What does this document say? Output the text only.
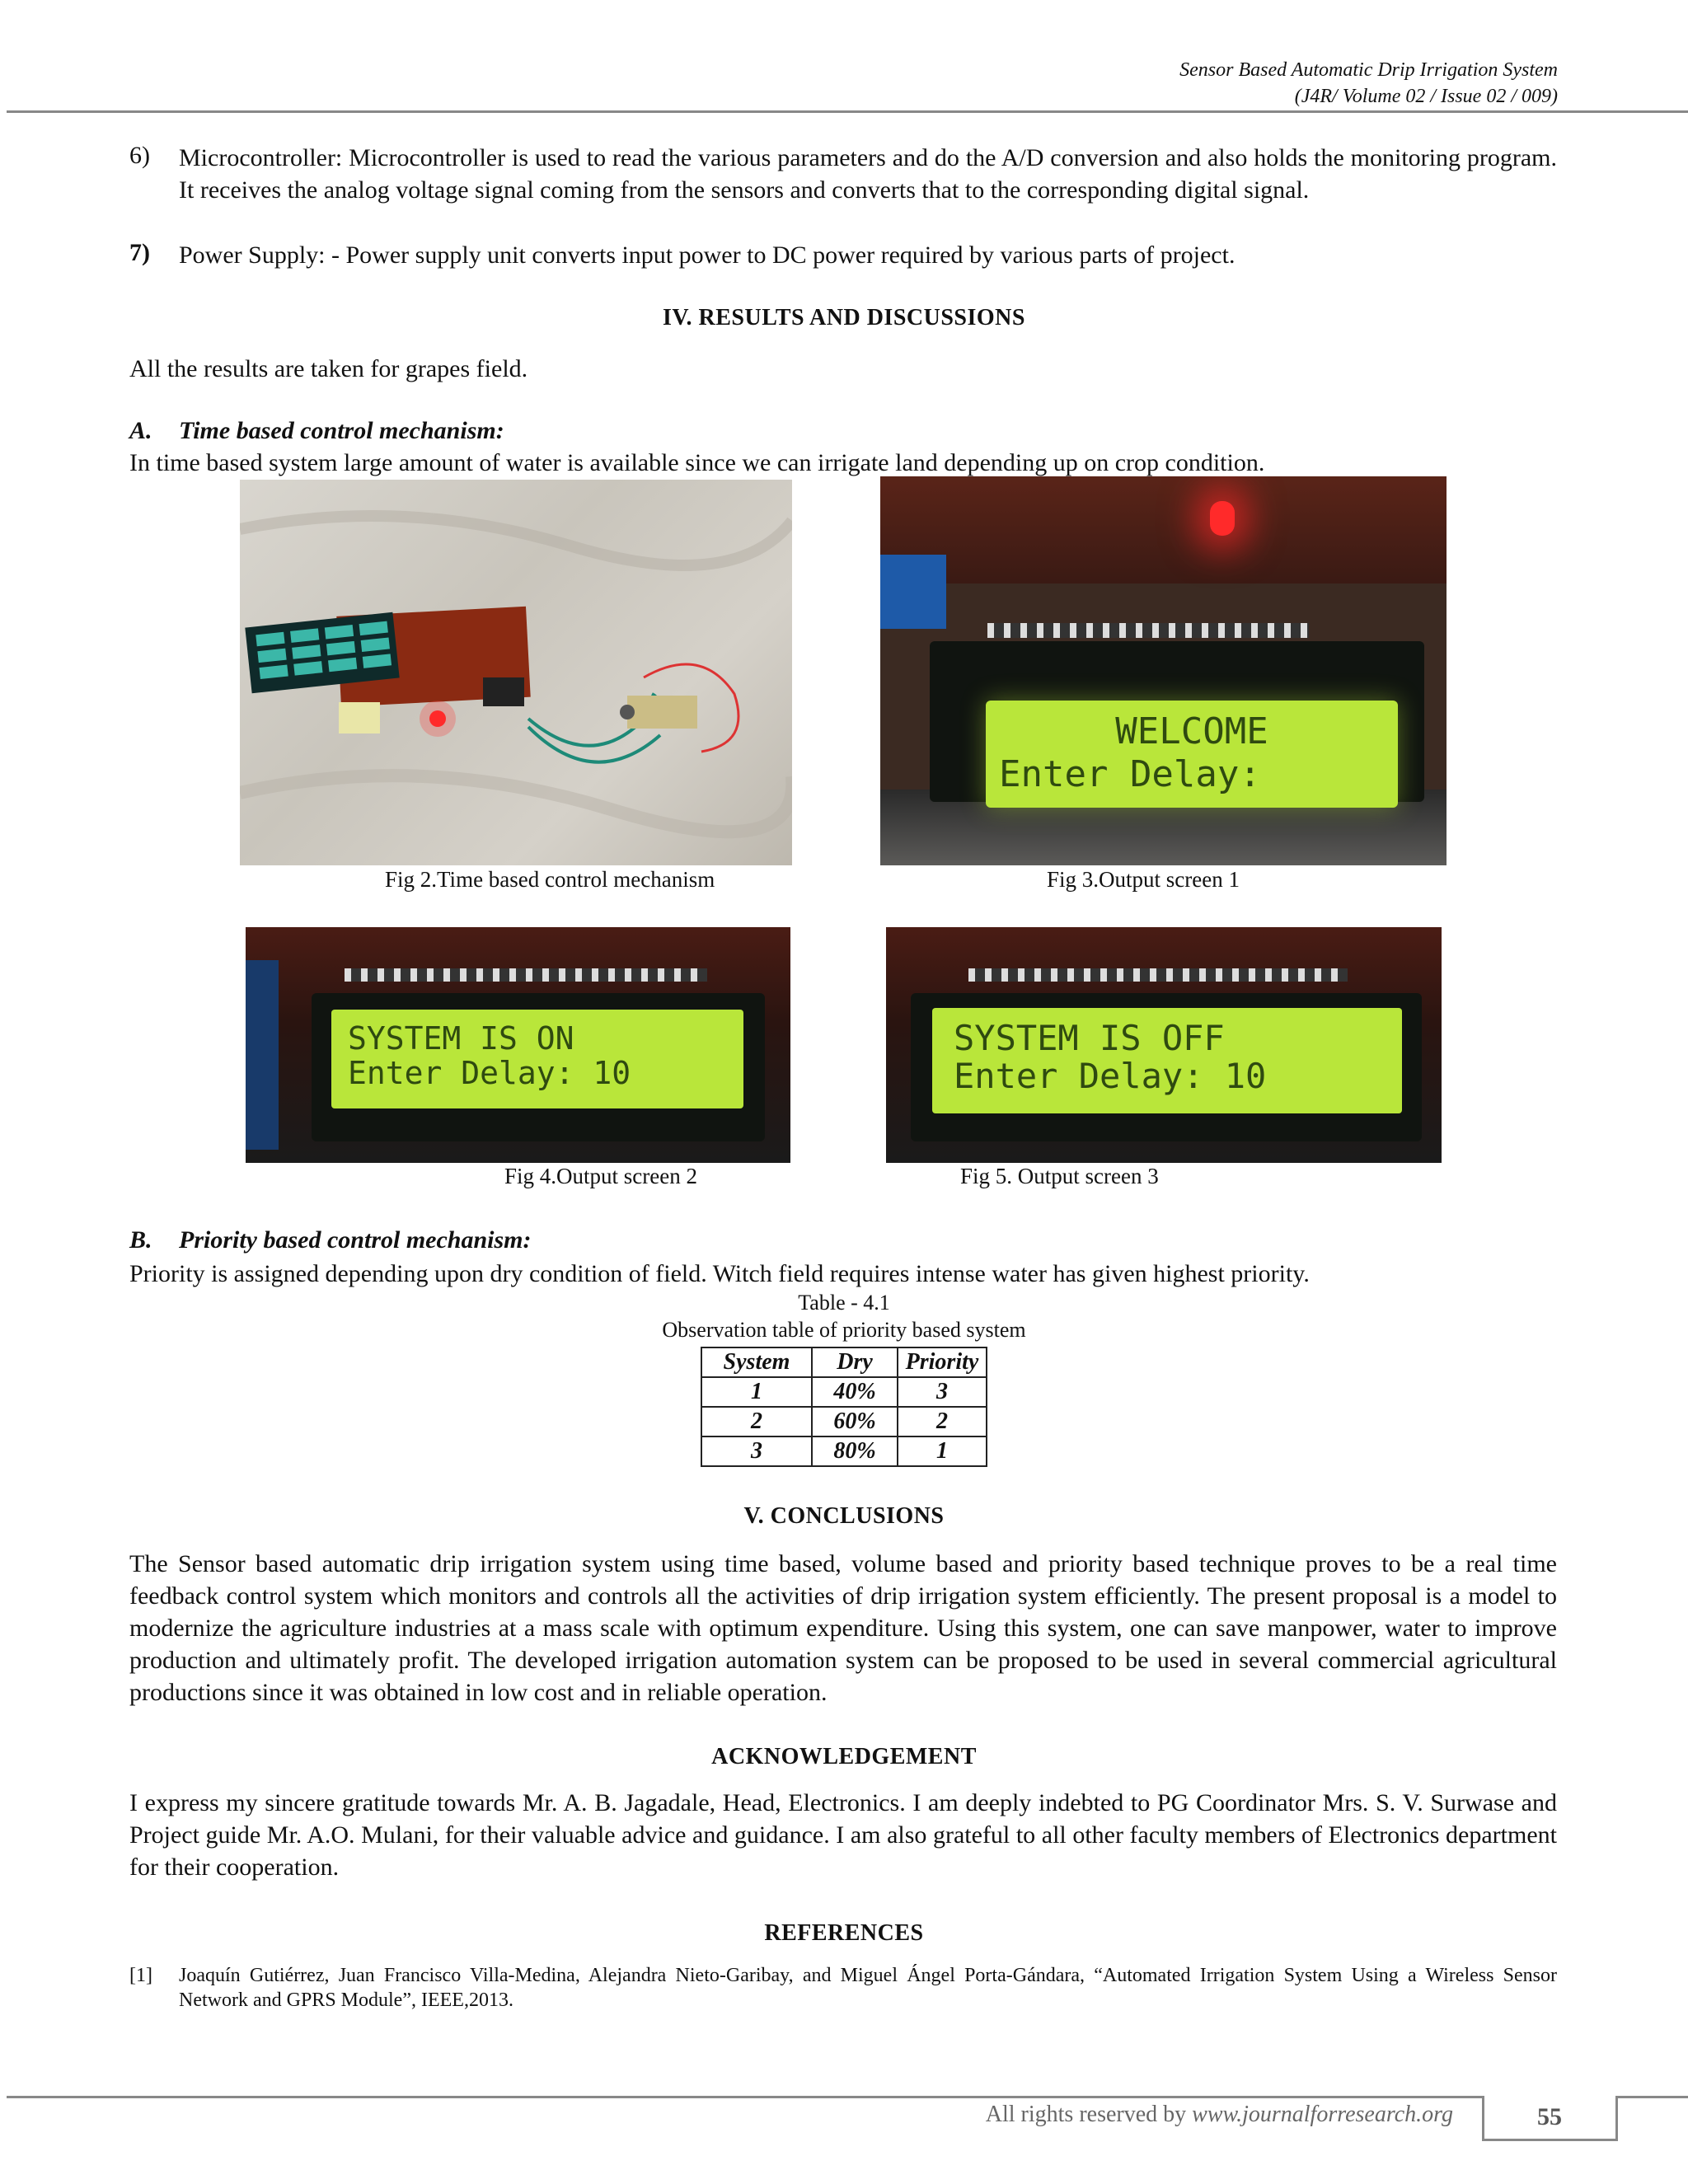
Sensor Based Automatic Drip Irrigation System
(J4R/ Volume 02 / Issue 02 / 009)
6) Microcontroller: Microcontroller is used to read the various parameters and do the A/D conversion and also holds the monitoring program. It receives the analog voltage signal coming from the sensors and converts that to the corresponding digital signal.
7) Power Supply: - Power supply unit converts input power to DC power required by various parts of project.
IV. RESULTS AND DISCUSSIONS
All the results are taken for grapes field.
A. Time based control mechanism:
In time based system large amount of water is available since we can irrigate land depending up on crop condition.
Fig 2.Time based control mechanism
WELCOME
Enter Delay:
Fig 3.Output screen 1
SYSTEM IS ON
Enter Delay: 10
Fig 4.Output screen 2
SYSTEM IS OFF
Enter Delay: 10
Fig 5. Output screen 3
B. Priority based control mechanism:
Priority is assigned depending upon dry condition of field. Witch field requires intense water has given highest priority.
Table - 4.1
Observation table of priority based system
System	Dry	Priority
1	40%	3
2	60%	2
3	80%	1
V. CONCLUSIONS
The Sensor based automatic drip irrigation system using time based, volume based and priority based technique proves to be a real time feedback control system which monitors and controls all the activities of drip irrigation system efficiently. The present proposal is a model to modernize the agriculture industries at a mass scale with optimum expenditure. Using this system, one can save manpower, water to improve production and ultimately profit. The developed irrigation automation system can be proposed to be used in several commercial agricultural productions since it was obtained in low cost and in reliable operation.
ACKNOWLEDGEMENT
I express my sincere gratitude towards Mr. A. B. Jagadale, Head, Electronics. I am deeply indebted to PG Coordinator Mrs. S. V. Surwase and Project guide Mr. A.O. Mulani, for their valuable advice and guidance. I am also grateful to all other faculty members of Electronics department for their cooperation.
REFERENCES
[1] Joaquín Gutiérrez, Juan Francisco Villa-Medina, Alejandra Nieto-Garibay, and Miguel Ángel Porta-Gándara, “Automated Irrigation System Using a Wireless Sensor Network and GPRS Module”, IEEE,2013.
All rights reserved by www.journalforresearch.org	55
